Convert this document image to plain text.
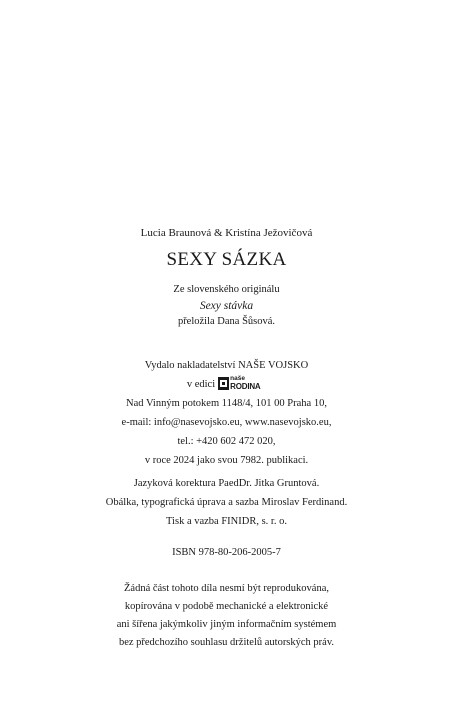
Lucia Braunová & Kristína Ježovičová
SEXY SÁZKA
Ze slovenského originálu
Sexy stávka
přeložila Dana Šůsová.
Vydalo nakladatelství NAŠE VOJSKO
v edici
naše
RODINA
Nad Vinným potokem 1148/4, 101 00 Praha 10,
e-mail: info@nasevojsko.eu, www.nasevojsko.eu,
tel.: +420 602 472 020,
v roce 2024 jako svou 7982. publikaci.
Jazyková korektura PaedDr. Jitka Gruntová.
Obálka, typografická úprava a sazba Miroslav Ferdinand.
Tisk a vazba FINIDR, s. r. o.
ISBN 978-80-206-2005-7
Žádná část tohoto díla nesmí být reprodukována,
kopírována v podobě mechanické a elektronické
ani šířena jakýmkoliv jiným informačním systémem
bez předchozího souhlasu držitelů autorských práv.
